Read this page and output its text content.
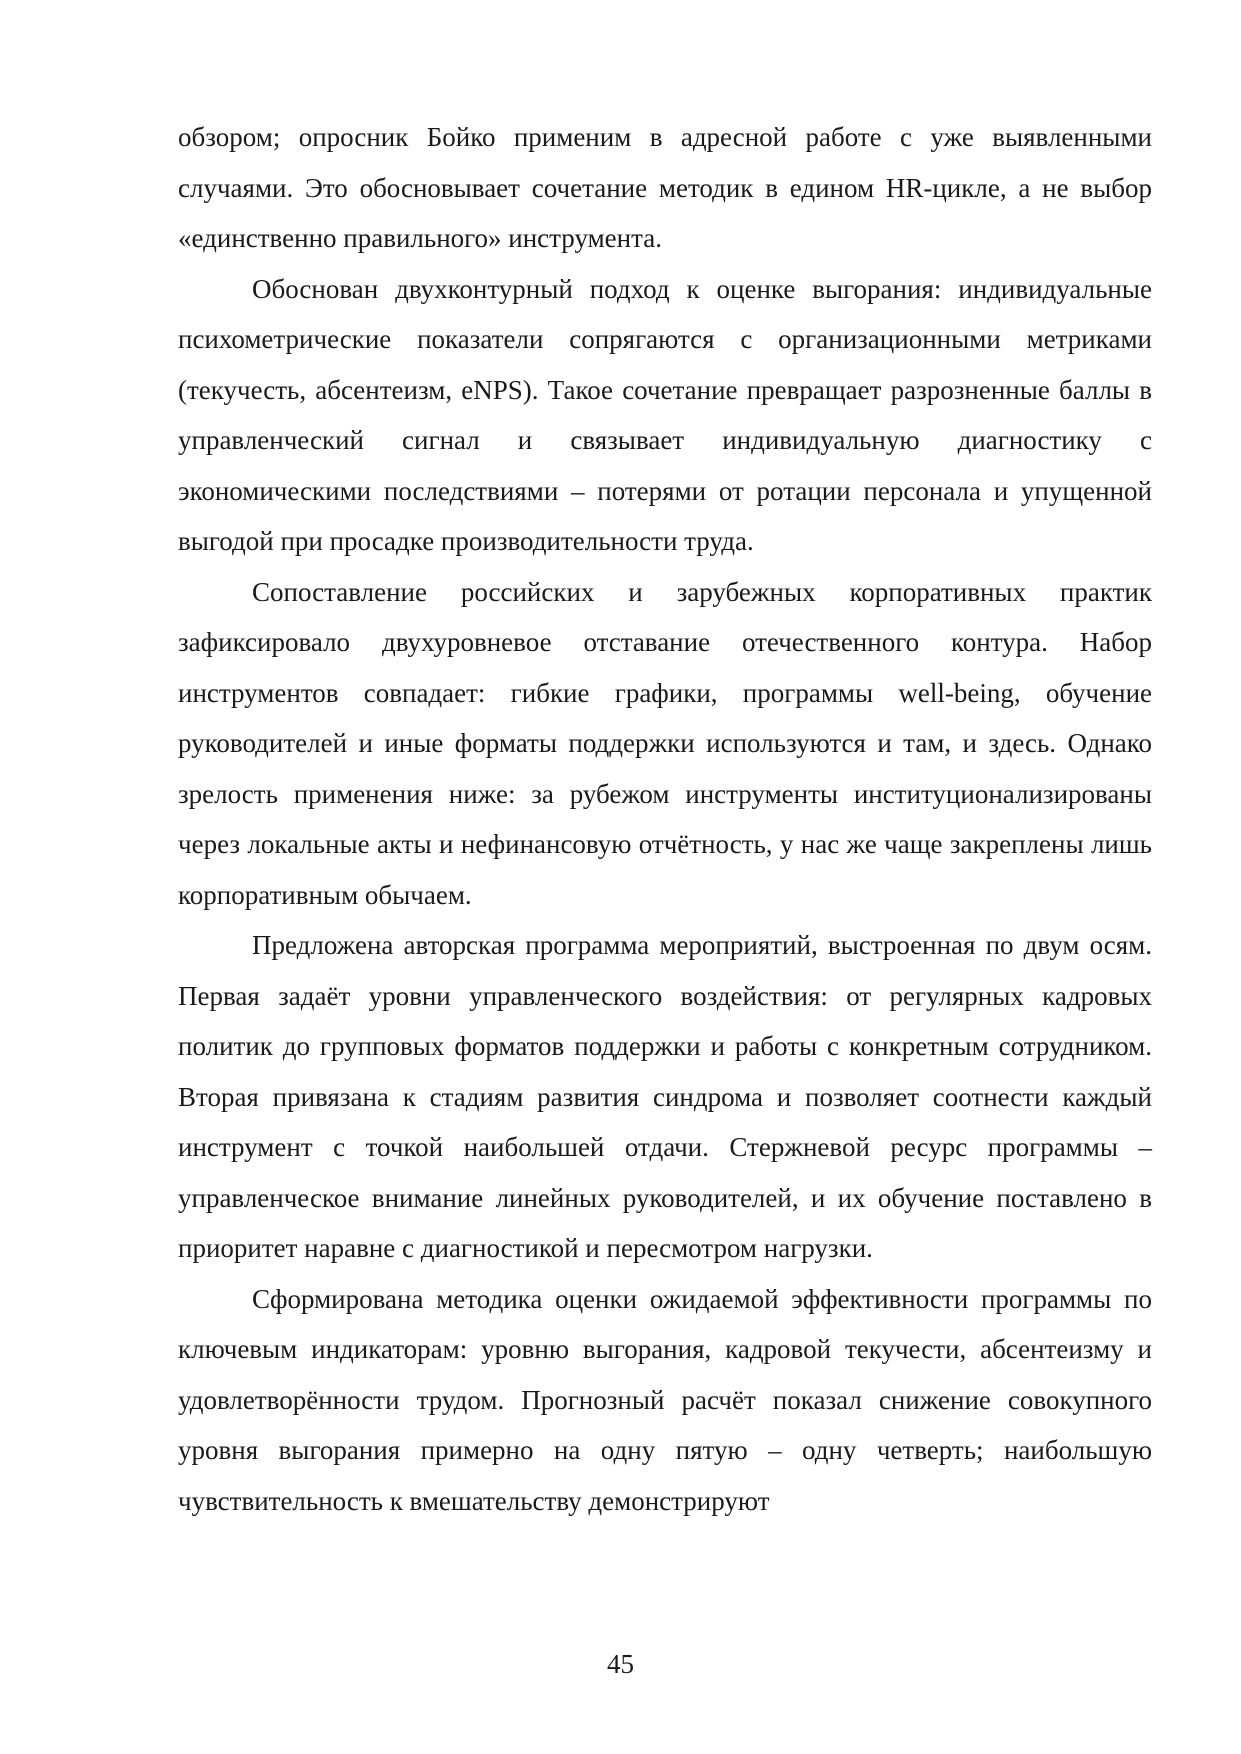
обзором; опросник Бойко применим в адресной работе с уже выявленными случаями. Это обосновывает сочетание методик в едином HR-цикле, а не выбор «единственно правильного» инструмента.

Обоснован двухконтурный подход к оценке выгорания: индивидуальные психометрические показатели сопрягаются с организационными метриками (текучесть, абсентеизм, eNPS). Такое сочетание превращает разрозненные баллы в управленческий сигнал и связывает индивидуальную диагностику с экономическими последствиями – потерями от ротации персонала и упущенной выгодой при просадке производительности труда.

Сопоставление российских и зарубежных корпоративных практик зафиксировало двухуровневое отставание отечественного контура. Набор инструментов совпадает: гибкие графики, программы well-being, обучение руководителей и иные форматы поддержки используются и там, и здесь. Однако зрелость применения ниже: за рубежом инструменты институционализированы через локальные акты и нефинансовую отчётность, у нас же чаще закреплены лишь корпоративным обычаем.

Предложена авторская программа мероприятий, выстроенная по двум осям. Первая задаёт уровни управленческого воздействия: от регулярных кадровых политик до групповых форматов поддержки и работы с конкретным сотрудником. Вторая привязана к стадиям развития синдрома и позволяет соотнести каждый инструмент с точкой наибольшей отдачи. Стержневой ресурс программы – управленческое внимание линейных руководителей, и их обучение поставлено в приоритет наравне с диагностикой и пересмотром нагрузки.

Сформирована методика оценки ожидаемой эффективности программы по ключевым индикаторам: уровню выгорания, кадровой текучести, абсентеизму и удовлетворённости трудом. Прогнозный расчёт показал снижение совокупного уровня выгорания примерно на одну пятую – одну четверть; наибольшую чувствительность к вмешательству демонстрируют

45
